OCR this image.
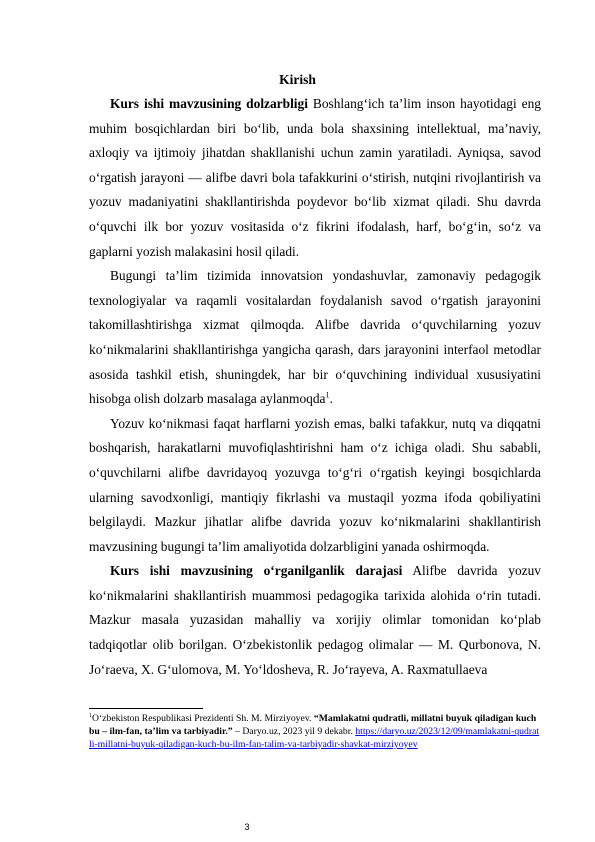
Kirish

Kurs ishi mavzusining dolzarbligi Boshlang‘ich ta’lim inson hayotidagi eng muhim bosqichlardan biri bo‘lib, unda bola shaxsining intellektual, ma’naviy, axloqiy va ijtimoiy jihatdan shakllanishi uchun zamin yaratiladi. Ayniqsa, savod o‘rgatish jarayoni — alifbe davri bola tafakkurini o‘stirish, nutqini rivojlantirish va yozuv madaniyatini shakllantirishda poydevor bo‘lib xizmat qiladi. Shu davrda o‘quvchi ilk bor yozuv vositasida o‘z fikrini ifodalash, harf, bo‘g‘in, so‘z va gaplarni yozish malakasini hosil qiladi.

Bugungi ta’lim tizimida innovatsion yondashuvlar, zamonaviy pedagogik texnologiyalar va raqamli vositalardan foydalanish savod o‘rgatish jarayonini takomillashtirishga xizmat qilmoqda. Alifbe davrida o‘quvchilarning yozuv ko‘nikmalarini shakllantirishga yangicha qarash, dars jarayonini interfaol metodlar asosida tashkil etish, shuningdek, har bir o‘quvchining individual xususiyatini hisobga olish dolzarb masalaga aylanmoqda$^1$.

Yozuv ko‘nikmasi faqat harflarni yozish emas, balki tafakkur, nutq va diqqatni boshqarish, harakatlarni muvofiqlashtirishni ham o‘z ichiga oladi. Shu sababli, o‘quvchilarni alifbe davridayoq yozuvga to‘g‘ri o‘rgatish keyingi bosqichlarda ularning savodxonligi, mantiqiy fikrlashi va mustaqil yozma ifoda qobiliyatini belgilaydi. Mazkur jihatlar alifbe davrida yozuv ko‘nikmalarini shakllantirish mavzusining bugungi ta’lim amaliyotida dolzarbligini yanada oshirmoqda.

Kurs ishi mavzusining o‘rganilganlik darajasi Alifbe davrida yozuv ko‘nikmalarini shakllantirish muammosi pedagogika tarixida alohida o‘rin tutadi. Mazkur masala yuzasidan mahalliy va xorijiy olimlar tomonidan ko‘plab tadqiqotlar olib borilgan. O‘zbekistonlik pedagog olimalar — M. Qurbonova, N. Jo‘raeva, X. G‘ulomova, M. Yo‘ldosheva, R. Jo‘rayeva, A. Raxmatullaeva

$^1$O‘zbekiston Respublikasi Prezidenti Sh. M. Mirziyoyev. “Mamlakatni qudratli, millatni buyuk qiladigan kuch bu – ilm-fan, ta’lim va tarbiyadir.” – Daryo.uz, 2023 yil 9 dekabr. https://daryo.uz/2023/12/09/mamlakatni-qudratli-millatni-buyuk-qiladigan-kuch-bu-ilm-fan-talim-va-tarbiyadir-shavkat-mirziyoyev
3
